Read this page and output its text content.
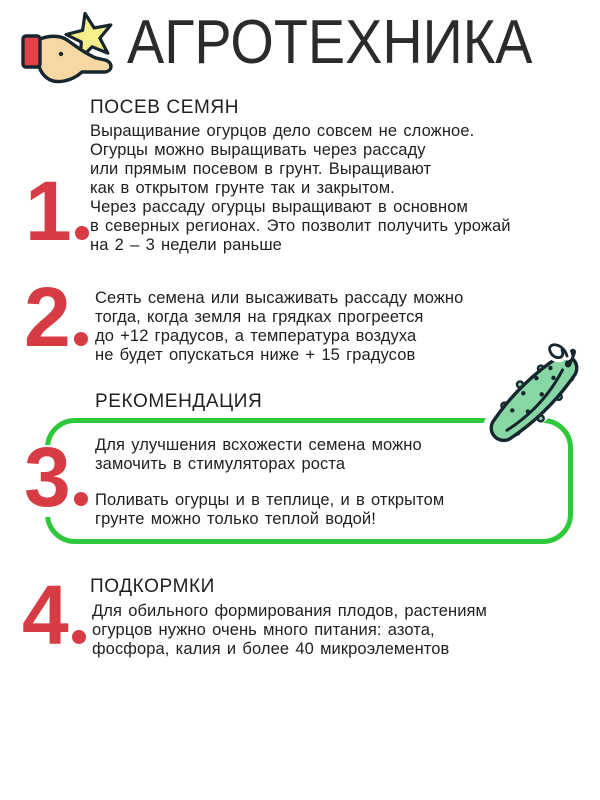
АГРОТЕХНИКА
ПОСЕВ СЕМЯН
Выращивание огурцов дело совсем не сложное.
Огурцы можно выращивать через рассаду
или прямым посевом в грунт. Выращивают
как в открытом грунте так и закрытом.
Через рассаду огурцы выращивают в основном
в северных регионах. Это позволит получить урожай
на 2 – 3 недели раньше
1
2	Сеять семена или высаживать рассаду можно
тогда, когда земля на грядках прогреется
до +12 градусов, а температура воздуха
не будет опускаться ниже + 15 градусов
РЕКОМЕНДАЦИЯ
Для улучшения всхожести семена можно
замочить в стимуляторах роста
Поливать огурцы и в теплице, и в открытом
грунте можно только теплой водой!
3
ПОДКОРМКИ
Для обильного формирования плодов, растениям
огурцов нужно очень много питания: азота,
фосфора, калия и более 40 микроэлементов
4
